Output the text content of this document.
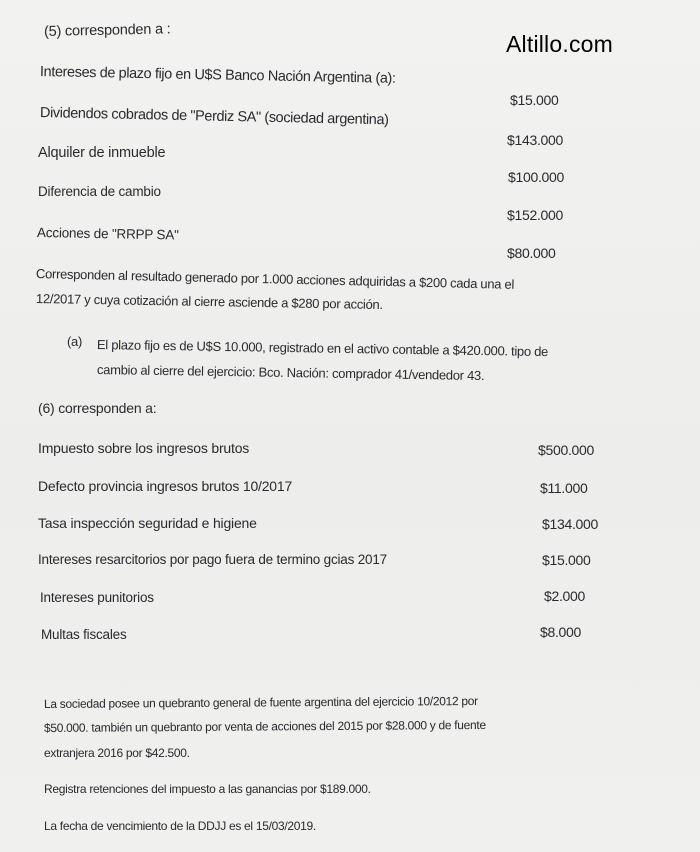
Altillo.com
(5) corresponden a :
Intereses de plazo fijo en U$S Banco Nación Argentina (a):
$15.000
Dividendos cobrados de "Perdiz SA" (sociedad argentina)
$143.000
Alquiler de inmueble
$100.000
Diferencia de cambio
$152.000
Acciones de "RRPP SA"
$80.000
Corresponden al resultado generado por 1.000 acciones adquiridas a $200 cada una el
12/2017 y cuya cotización al cierre asciende a $280 por acción.
(a) El plazo fijo es de U$S 10.000, registrado en el activo contable a $420.000. tipo de
cambio al cierre del ejercicio: Bco. Nación: comprador 41/vendedor 43.
(6) corresponden a:
Impuesto sobre los ingresos brutos	$500.000
Defecto provincia ingresos brutos 10/2017	$11.000
Tasa inspección seguridad e higiene	$134.000
Intereses resarcitorios por pago fuera de termino gcias 2017	$15.000
Intereses punitorios	$2.000
Multas fiscales	$8.000
La sociedad posee un quebranto general de fuente argentina del ejercicio 10/2012 por
$50.000. también un quebranto por venta de acciones del 2015 por $28.000 y de fuente
extranjera 2016 por $42.500.
Registra retenciones del impuesto a las ganancias por $189.000.
La fecha de vencimiento de la DDJJ es el 15/03/2019.
